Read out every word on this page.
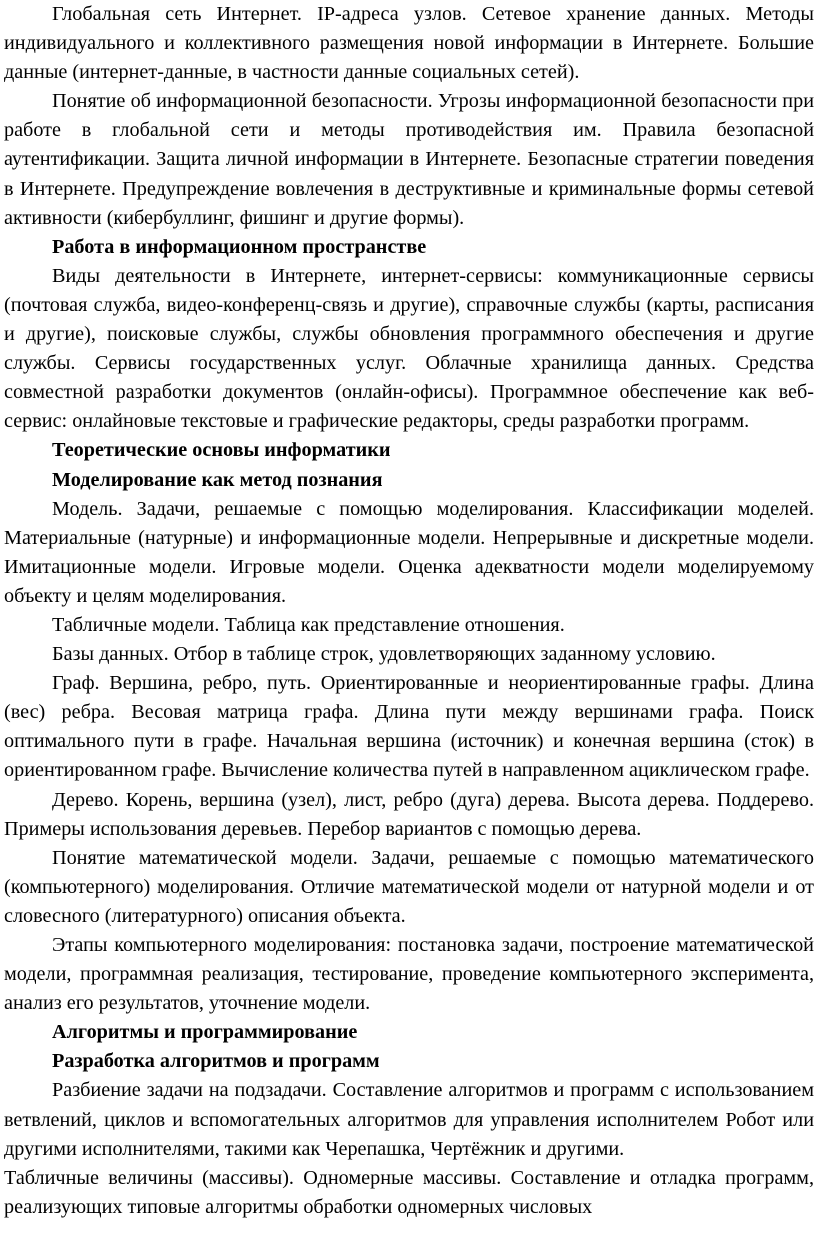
Глобальная сеть Интернет. IP-адреса узлов. Сетевое хранение данных. Методы индивидуального и коллективного размещения новой информации в Интернете. Большие данные (интернет-данные, в частности данные социальных сетей).

Понятие об информационной безопасности. Угрозы информационной безопасности при работе в глобальной сети и методы противодействия им. Правила безопасной аутентификации. Защита личной информации в Интернете. Безопасные стратегии поведения в Интернете. Предупреждение вовлечения в деструктивные и криминальные формы сетевой активности (кибербуллинг, фишинг и другие формы).

Работа в информационном пространстве

Виды деятельности в Интернете, интернет-сервисы: коммуникационные сервисы (почтовая служба, видео-конференц-связь и другие), справочные службы (карты, расписания и другие), поисковые службы, службы обновления программного обеспечения и другие службы. Сервисы государственных услуг. Облачные хранилища данных. Средства совместной разработки документов (онлайн-офисы). Программное обеспечение как веб-сервис: онлайновые текстовые и графические редакторы, среды разработки программ.

Теоретические основы информатики

Моделирование как метод познания

Модель. Задачи, решаемые с помощью моделирования. Классификации моделей. Материальные (натурные) и информационные модели. Непрерывные и дискретные модели. Имитационные модели. Игровые модели. Оценка адекватности модели моделируемому объекту и целям моделирования.

Табличные модели. Таблица как представление отношения.

Базы данных. Отбор в таблице строк, удовлетворяющих заданному условию.

Граф. Вершина, ребро, путь. Ориентированные и неориентированные графы. Длина (вес) ребра. Весовая матрица графа. Длина пути между вершинами графа. Поиск оптимального пути в графе. Начальная вершина (источник) и конечная вершина (сток) в ориентированном графе. Вычисление количества путей в направленном ациклическом графе.

Дерево. Корень, вершина (узел), лист, ребро (дуга) дерева. Высота дерева. Поддерево. Примеры использования деревьев. Перебор вариантов с помощью дерева.

Понятие математической модели. Задачи, решаемые с помощью математического (компьютерного) моделирования. Отличие математической модели от натурной модели и от словесного (литературного) описания объекта.

Этапы компьютерного моделирования: постановка задачи, построение математической модели, программная реализация, тестирование, проведение компьютерного эксперимента, анализ его результатов, уточнение модели.

Алгоритмы и программирование

Разработка алгоритмов и программ

Разбиение задачи на подзадачи. Составление алгоритмов и программ с использованием ветвлений, циклов и вспомогательных алгоритмов для управления исполнителем Робот или другими исполнителями, такими как Черепашка, Чертёжник и другими.

Табличные величины (массивы). Одномерные массивы. Составление и отладка программ, реализующих типовые алгоритмы обработки одномерных числовых
